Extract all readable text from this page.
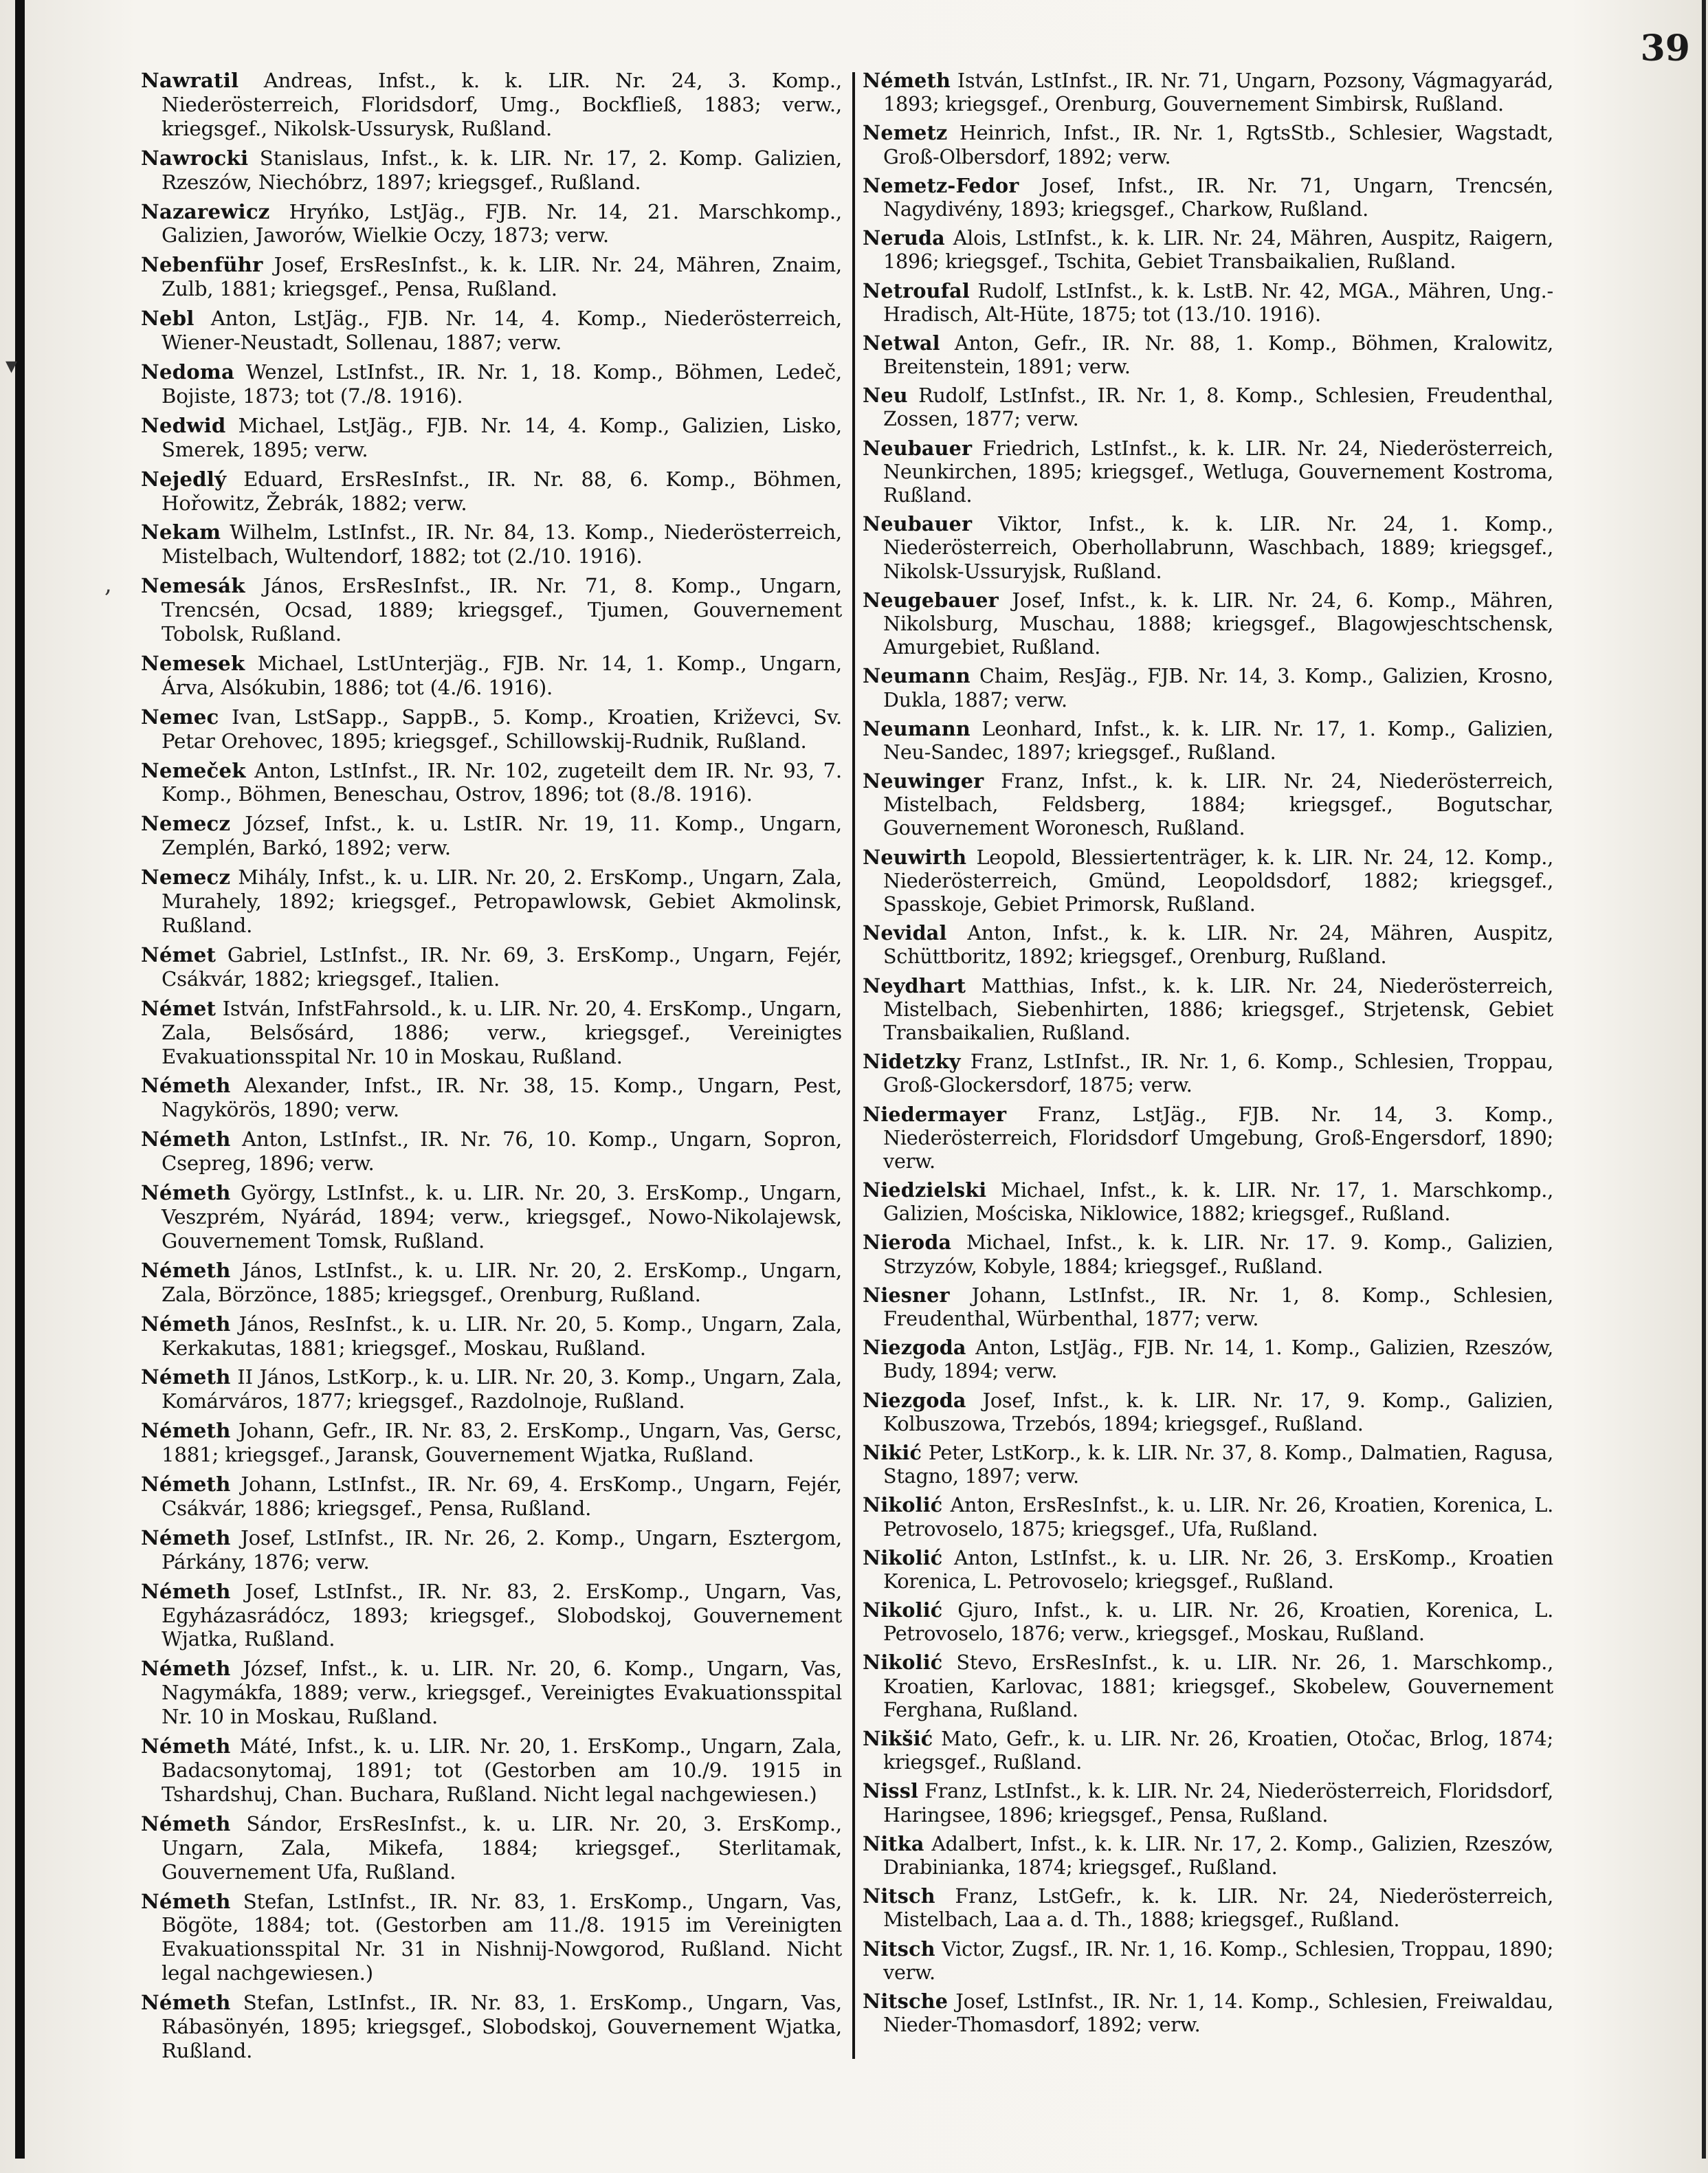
39

Nawratil Andreas, Infst., k. k. LIR. Nr. 24, 3. Komp., Niederösterreich, Floridsdorf, Umg., Bockfließ, 1883; verw., kriegsgef., Nikolsk-Ussurysk, Rußland.

Nawrocki Stanislaus, Infst., k. k. LIR. Nr. 17, 2. Komp. Galizien, Rzeszów, Niechóbrz, 1897; kriegsgef., Rußland.

Nazarewicz Hryńko, LstJäg., FJB. Nr. 14, 21. Marschkomp., Galizien, Jaworów, Wielkie Oczy, 1873; verw.

Nebenführ Josef, ErsResInfst., k. k. LIR. Nr. 24, Mähren, Znaim, Zulb, 1881; kriegsgef., Pensa, Rußland.

Nebl Anton, LstJäg., FJB. Nr. 14, 4. Komp., Niederösterreich, Wiener-Neustadt, Sollenau, 1887; verw.

Nedoma Wenzel, LstInfst., IR. Nr. 1, 18. Komp., Böhmen, Ledeč, Bojiste, 1873; tot (7./8. 1916).

Nedwid Michael, LstJäg., FJB. Nr. 14, 4. Komp., Galizien, Lisko, Smerek, 1895; verw.

Nejedlý Eduard, ErsResInfst., IR. Nr. 88, 6. Komp., Böhmen, Hořowitz, Žebrák, 1882; verw.

Nekam Wilhelm, LstInfst., IR. Nr. 84, 13. Komp., Niederösterreich, Mistelbach, Wultendorf, 1882; tot (2./10. 1916).

Nemesák János, ErsResInfst., IR. Nr. 71, 8. Komp., Ungarn, Trencsén, Ocsad, 1889; kriegsgef., Tjumen, Gouvernement Tobolsk, Rußland.

Nemesek Michael, LstUnterjäg., FJB. Nr. 14, 1. Komp., Ungarn, Árva, Alsókubin, 1886; tot (4./6. 1916).

Nemec Ivan, LstSapp., SappB., 5. Komp., Kroatien, Križevci, Sv. Petar Orehovec, 1895; kriegsgef., Schillowskij-Rudnik, Rußland.

Nemeček Anton, LstInfst., IR. Nr. 102, zugeteilt dem IR. Nr. 93, 7. Komp., Böhmen, Beneschau, Ostrov, 1896; tot (8./8. 1916).

Nemecz József, Infst., k. u. LstIR. Nr. 19, 11. Komp., Ungarn, Zemplén, Barkó, 1892; verw.

Nemecz Mihály, Infst., k. u. LIR. Nr. 20, 2. ErsKomp., Ungarn, Zala, Murahely, 1892; kriegsgef., Petropawlowsk, Gebiet Akmolinsk, Rußland.

Német Gabriel, LstInfst., IR. Nr. 69, 3. ErsKomp., Ungarn, Fejér, Csákvár, 1882; kriegsgef., Italien.

Német István, InfstFahrsold., k. u. LIR. Nr. 20, 4. ErsKomp., Ungarn, Zala, Belsősárd, 1886; verw., kriegsgef., Vereinigtes Evakuationsspital Nr. 10 in Moskau, Rußland.

Németh Alexander, Infst., IR. Nr. 38, 15. Komp., Ungarn, Pest, Nagykörös, 1890; verw.

Németh Anton, LstInfst., IR. Nr. 76, 10. Komp., Ungarn, Sopron, Csepreg, 1896; verw.

Németh György, LstInfst., k. u. LIR. Nr. 20, 3. ErsKomp., Ungarn, Veszprém, Nyárád, 1894; verw., kriegsgef., Nowo-Nikolajewsk, Gouvernement Tomsk, Rußland.

Németh János, LstInfst., k. u. LIR. Nr. 20, 2. ErsKomp., Ungarn, Zala, Börzönce, 1885; kriegsgef., Orenburg, Rußland.

Németh János, ResInfst., k. u. LIR. Nr. 20, 5. Komp., Ungarn, Zala, Kerkakutas, 1881; kriegsgef., Moskau, Rußland.

Németh II János, LstKorp., k. u. LIR. Nr. 20, 3. Komp., Ungarn, Zala, Komárváros, 1877; kriegsgef., Razdolnoje, Rußland.

Németh Johann, Gefr., IR. Nr. 83, 2. ErsKomp., Ungarn, Vas, Gersc, 1881; kriegsgef., Jaransk, Gouvernement Wjatka, Rußland.

Németh Johann, LstInfst., IR. Nr. 69, 4. ErsKomp., Ungarn, Fejér, Csákvár, 1886; kriegsgef., Pensa, Rußland.

Németh Josef, LstInfst., IR. Nr. 26, 2. Komp., Ungarn, Esztergom, Párkány, 1876; verw.

Németh Josef, LstInfst., IR. Nr. 83, 2. ErsKomp., Ungarn, Vas, Egyházasrádócz, 1893; kriegsgef., Slobodskoj, Gouvernement Wjatka, Rußland.

Németh József, Infst., k. u. LIR. Nr. 20, 6. Komp., Ungarn, Vas, Nagymákfa, 1889; verw., kriegsgef., Vereinigtes Evakuationsspital Nr. 10 in Moskau, Rußland.

Németh Máté, Infst., k. u. LIR. Nr. 20, 1. ErsKomp., Ungarn, Zala, Badacsonytomaj, 1891; tot (Gestorben am 10./9. 1915 in Tshardshuj, Chan. Buchara, Rußland. Nicht legal nachgewiesen.)

Németh Sándor, ErsResInfst., k. u. LIR. Nr. 20, 3. ErsKomp., Ungarn, Zala, Mikefa, 1884; kriegsgef., Sterlitamak, Gouvernement Ufa, Rußland.

Németh Stefan, LstInfst., IR. Nr. 83, 1. ErsKomp., Ungarn, Vas, Bögöte, 1884; tot. (Gestorben am 11./8. 1915 im Vereinigten Evakuationsspital Nr. 31 in Nishnij-Nowgorod, Rußland. Nicht legal nachgewiesen.)

Németh Stefan, LstInfst., IR. Nr. 83, 1. ErsKomp., Ungarn, Vas, Rábasönyén, 1895; kriegsgef., Slobodskoj, Gouvernement Wjatka, Rußland.

Németh István, LstInfst., IR. Nr. 71, Ungarn, Pozsony, Vágmagyarád, 1893; kriegsgef., Orenburg, Gouvernement Simbirsk, Rußland.

Nemetz Heinrich, Infst., IR. Nr. 1, RgtsStb., Schlesier, Wagstadt, Groß-Olbersdorf, 1892; verw.

Nemetz-Fedor Josef, Infst., IR. Nr. 71, Ungarn, Trencsén, Nagydivény, 1893; kriegsgef., Charkow, Rußland.

Neruda Alois, LstInfst., k. k. LIR. Nr. 24, Mähren, Auspitz, Raigern, 1896; kriegsgef., Tschita, Gebiet Transbaikalien, Rußland.

Netroufal Rudolf, LstInfst., k. k. LstB. Nr. 42, MGA., Mähren, Ung.-Hradisch, Alt-Hüte, 1875; tot (13./10. 1916).

Netwal Anton, Gefr., IR. Nr. 88, 1. Komp., Böhmen, Kralowitz, Breitenstein, 1891; verw.

Neu Rudolf, LstInfst., IR. Nr. 1, 8. Komp., Schlesien, Freudenthal, Zossen, 1877; verw.

Neubauer Friedrich, LstInfst., k. k. LIR. Nr. 24, Niederösterreich, Neunkirchen, 1895; kriegsgef., Wetluga, Gouvernement Kostroma, Rußland.

Neubauer Viktor, Infst., k. k. LIR. Nr. 24, 1. Komp., Niederösterreich, Oberhollabrunn, Waschbach, 1889; kriegsgef., Nikolsk-Ussuryjsk, Rußland.

Neugebauer Josef, Infst., k. k. LIR. Nr. 24, 6. Komp., Mähren, Nikolsburg, Muschau, 1888; kriegsgef., Blagowjeschtschensk, Amurgebiet, Rußland.

Neumann Chaim, ResJäg., FJB. Nr. 14, 3. Komp., Galizien, Krosno, Dukla, 1887; verw.

Neumann Leonhard, Infst., k. k. LIR. Nr. 17, 1. Komp., Galizien, Neu-Sandec, 1897; kriegsgef., Rußland.

Neuwinger Franz, Infst., k. k. LIR. Nr. 24, Niederösterreich, Mistelbach, Feldsberg, 1884; kriegsgef., Bogutschar, Gouvernement Woronesch, Rußland.

Neuwirth Leopold, Blessiertenträger, k. k. LIR. Nr. 24, 12. Komp., Niederösterreich, Gmünd, Leopoldsdorf, 1882; kriegsgef., Spasskoje, Gebiet Primorsk, Rußland.

Nevidal Anton, Infst., k. k. LIR. Nr. 24, Mähren, Auspitz, Schüttboritz, 1892; kriegsgef., Orenburg, Rußland.

Neydhart Matthias, Infst., k. k. LIR. Nr. 24, Niederösterreich, Mistelbach, Siebenhirten, 1886; kriegsgef., Strjetensk, Gebiet Transbaikalien, Rußland.

Nidetzky Franz, LstInfst., IR. Nr. 1, 6. Komp., Schlesien, Troppau, Groß-Glockersdorf, 1875; verw.

Niedermayer Franz, LstJäg., FJB. Nr. 14, 3. Komp., Niederösterreich, Floridsdorf Umgebung, Groß-Engersdorf, 1890; verw.

Niedzielski Michael, Infst., k. k. LIR. Nr. 17, 1. Marschkomp., Galizien, Mościska, Niklowice, 1882; kriegsgef., Rußland.

Nieroda Michael, Infst., k. k. LIR. Nr. 17. 9. Komp., Galizien, Strzyzów, Kobyle, 1884; kriegsgef., Rußland.

Niesner Johann, LstInfst., IR. Nr. 1, 8. Komp., Schlesien, Freudenthal, Würbenthal, 1877; verw.

Niezgoda Anton, LstJäg., FJB. Nr. 14, 1. Komp., Galizien, Rzeszów, Budy, 1894; verw.

Niezgoda Josef, Infst., k. k. LIR. Nr. 17, 9. Komp., Galizien, Kolbuszowa, Trzebós, 1894; kriegsgef., Rußland.

Nikić Peter, LstKorp., k. k. LIR. Nr. 37, 8. Komp., Dalmatien, Ragusa, Stagno, 1897; verw.

Nikolić Anton, ErsResInfst., k. u. LIR. Nr. 26, Kroatien, Korenica, L. Petrovoselo, 1875; kriegsgef., Ufa, Rußland.

Nikolić Anton, LstInfst., k. u. LIR. Nr. 26, 3. ErsKomp., Kroatien Korenica, L. Petrovoselo; kriegsgef., Rußland.

Nikolić Gjuro, Infst., k. u. LIR. Nr. 26, Kroatien, Korenica, L. Petrovoselo, 1876; verw., kriegsgef., Moskau, Rußland.

Nikolić Stevo, ErsResInfst., k. u. LIR. Nr. 26, 1. Marschkomp., Kroatien, Karlovac, 1881; kriegsgef., Skobelew, Gouvernement Ferghana, Rußland.

Nikšić Mato, Gefr., k. u. LIR. Nr. 26, Kroatien, Otočac, Brlog, 1874; kriegsgef., Rußland.

Nissl Franz, LstInfst., k. k. LIR. Nr. 24, Niederösterreich, Floridsdorf, Haringsee, 1896; kriegsgef., Pensa, Rußland.

Nitka Adalbert, Infst., k. k. LIR. Nr. 17, 2. Komp., Galizien, Rzeszów, Drabinianka, 1874; kriegsgef., Rußland.

Nitsch Franz, LstGefr., k. k. LIR. Nr. 24, Niederösterreich, Mistelbach, Laa a. d. Th., 1888; kriegsgef., Rußland.

Nitsch Victor, Zugsf., IR. Nr. 1, 16. Komp., Schlesien, Troppau, 1890; verw.

Nitsche Josef, LstInfst., IR. Nr. 1, 14. Komp., Schlesien, Freiwaldau, Nieder-Thomasdorf, 1892; verw.

▾
,
